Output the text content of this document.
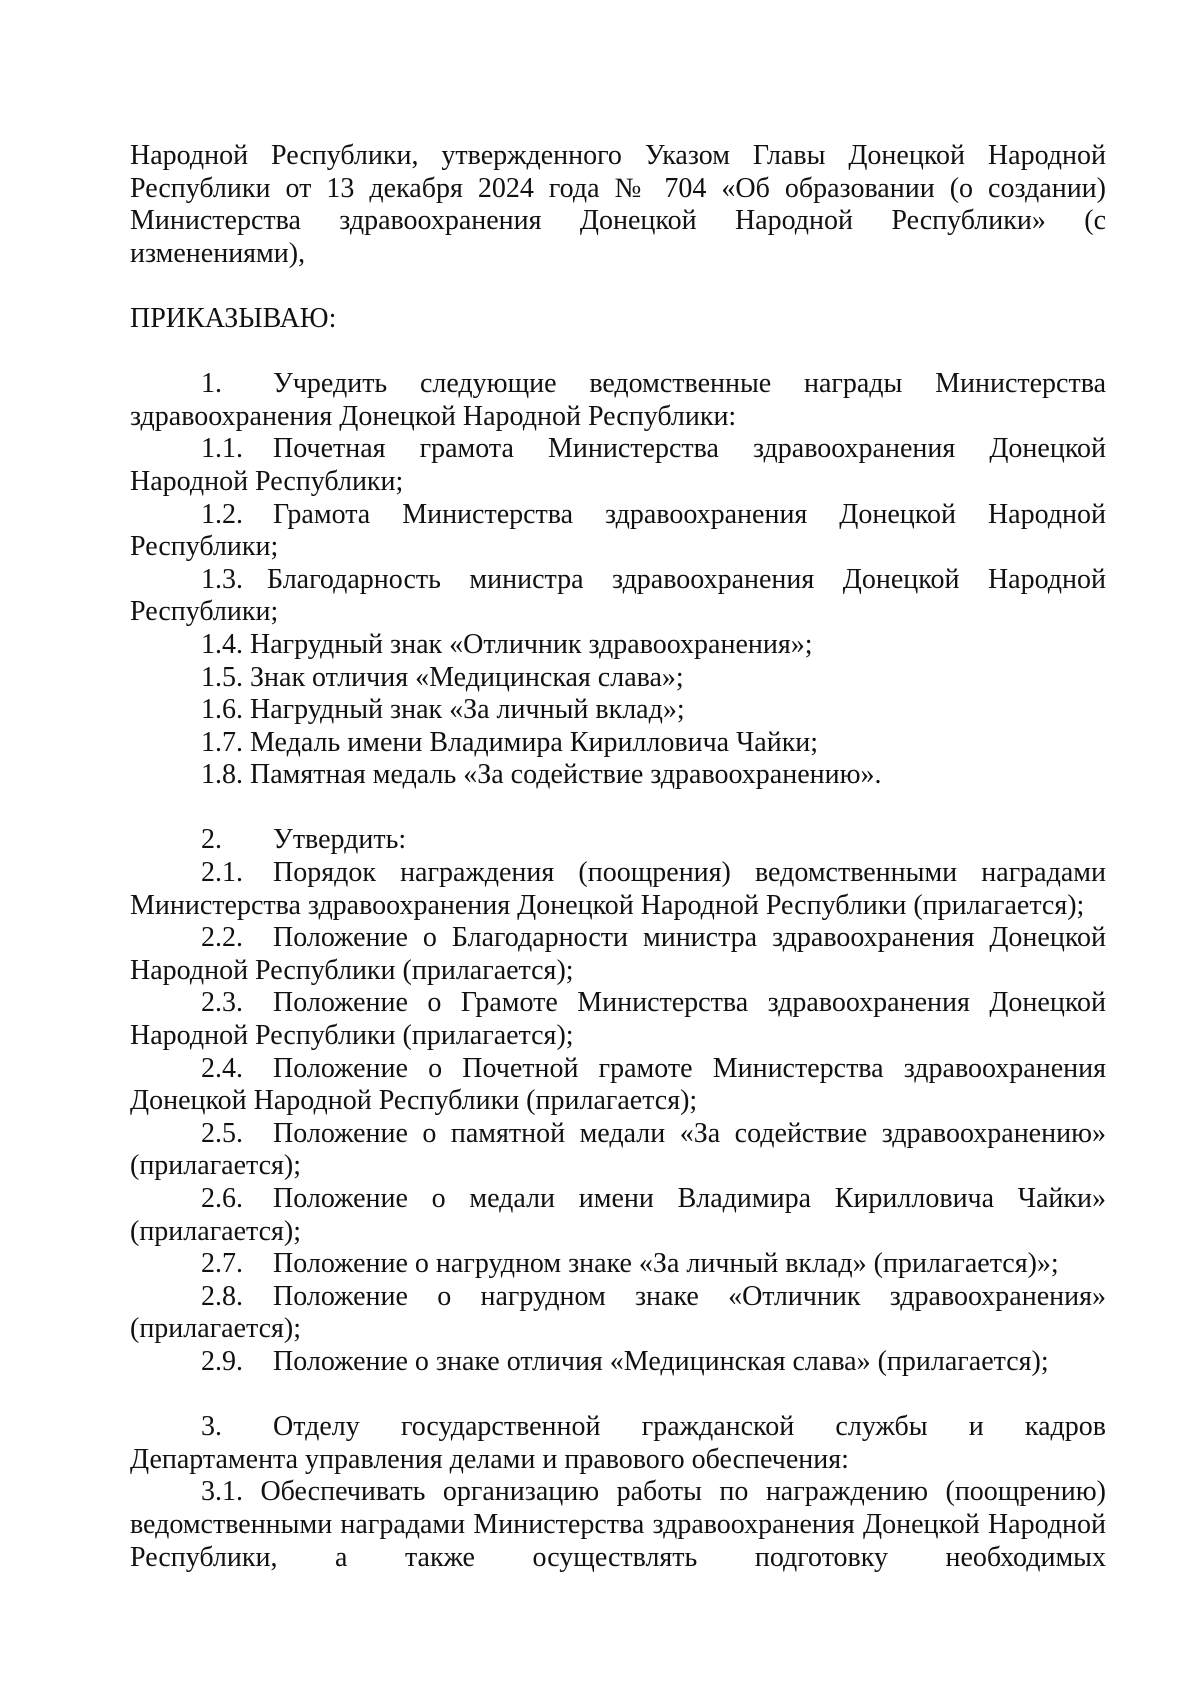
Народной Республики, утвержденного Указом Главы Донецкой Народной Республики от 13 декабря 2024 года № 704 «Об образовании (о создании) Министерства здравоохранения Донецкой Народной Республики» (с изменениями),

ПРИКАЗЫВАЮ:

1. Учредить следующие ведомственные награды Министерства здравоохранения Донецкой Народной Республики:

1.1. Почетная грамота Министерства здравоохранения Донецкой Народной Республики;

1.2. Грамота Министерства здравоохранения Донецкой Народной Республики;

1.3. Благодарность министра здравоохранения Донецкой Народной Республики;

1.4. Нагрудный знак «Отличник здравоохранения»;

1.5. Знак отличия «Медицинская слава»;

1.6. Нагрудный знак «За личный вклад»;

1.7. Медаль имени Владимира Кирилловича Чайки;

1.8. Памятная медаль «За содействие здравоохранению».

2. Утвердить:

2.1. Порядок награждения (поощрения) ведомственными наградами Министерства здравоохранения Донецкой Народной Республики (прилагается);

2.2. Положение о Благодарности министра здравоохранения Донецкой Народной Республики (прилагается);

2.3. Положение о Грамоте Министерства здравоохранения Донецкой Народной Республики (прилагается);

2.4. Положение о Почетной грамоте Министерства здравоохранения Донецкой Народной Республики (прилагается);

2.5. Положение о памятной медали «За содействие здравоохранению» (прилагается);

2.6. Положение о медали имени Владимира Кирилловича Чайки» (прилагается);

2.7. Положение о нагрудном знаке «За личный вклад» (прилагается)»;

2.8. Положение о нагрудном знаке «Отличник здравоохранения» (прилагается);

2.9. Положение о знаке отличия «Медицинская слава» (прилагается);

3. Отделу государственной гражданской службы и кадров Департамента управления делами и правового обеспечения:

3.1. Обеспечивать организацию работы по награждению (поощрению) ведомственными наградами Министерства здравоохранения Донецкой Народной Республики, а также осуществлять подготовку необходимых
